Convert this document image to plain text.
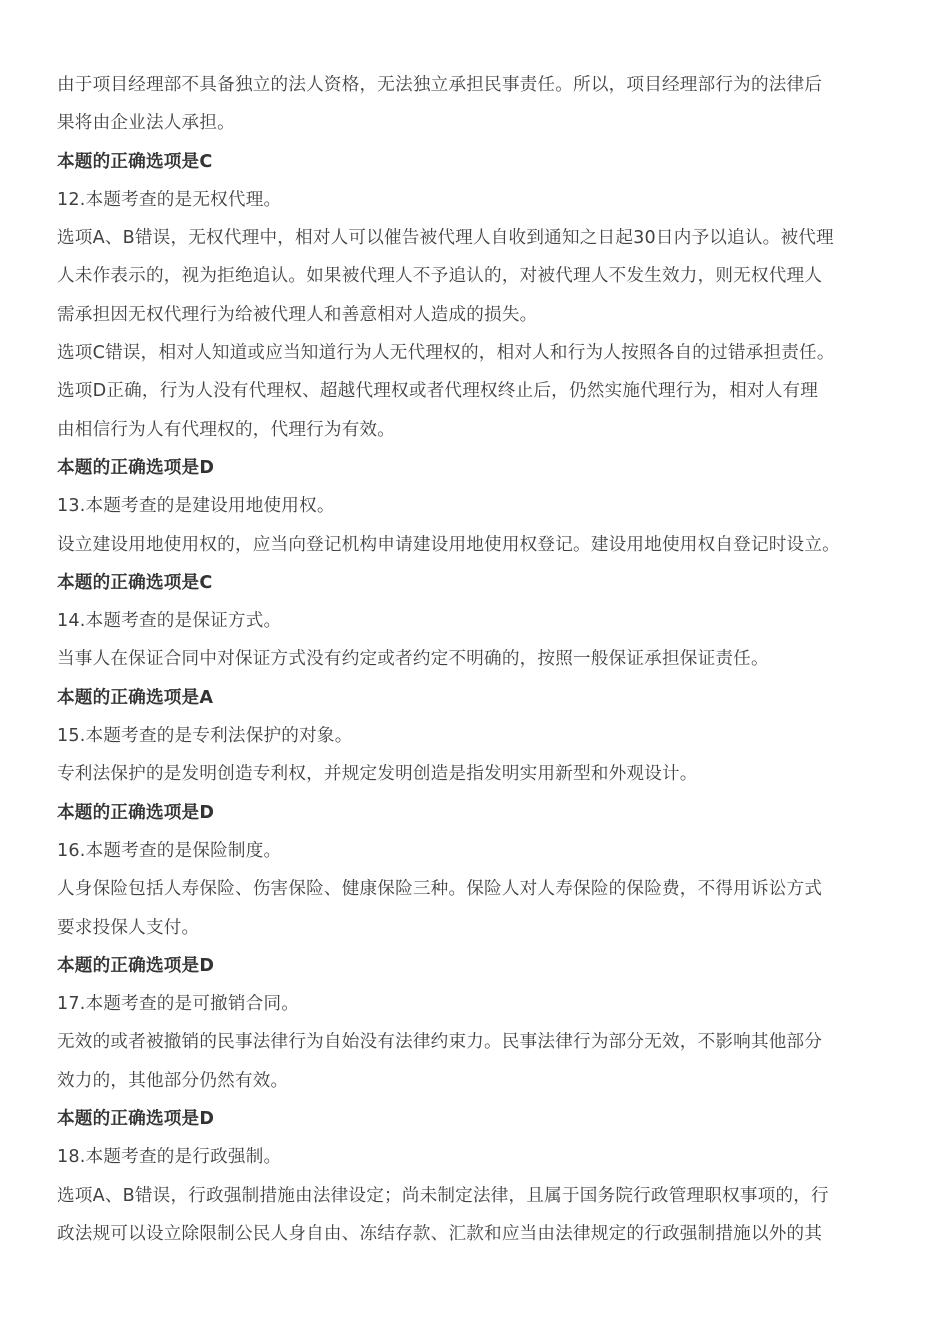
由于项目经理部不具备独立的法人资格，无法独立承担民事责任。所以，项目经理部行为的法律后
果将由企业法人承担。
本题的正确选项是C
12.本题考查的是无权代理。
选项A、B错误，无权代理中，相对人可以催告被代理人自收到通知之日起30日内予以追认。被代理
人未作表示的，视为拒绝追认。如果被代理人不予追认的，对被代理人不发生效力，则无权代理人
需承担因无权代理行为给被代理人和善意相对人造成的损失。
选项C错误，相对人知道或应当知道行为人无代理权的，相对人和行为人按照各自的过错承担责任。
选项D正确，行为人没有代理权、超越代理权或者代理权终止后，仍然实施代理行为，相对人有理
由相信行为人有代理权的，代理行为有效。
本题的正确选项是D
13.本题考查的是建设用地使用权。
设立建设用地使用权的，应当向登记机构申请建设用地使用权登记。建设用地使用权自登记时设立。
本题的正确选项是C
14.本题考查的是保证方式。
当事人在保证合同中对保证方式没有约定或者约定不明确的，按照一般保证承担保证责任。
本题的正确选项是A
15.本题考查的是专利法保护的对象。
专利法保护的是发明创造专利权，并规定发明创造是指发明实用新型和外观设计。
本题的正确选项是D
16.本题考查的是保险制度。
人身保险包括人寿保险、伤害保险、健康保险三种。保险人对人寿保险的保险费，不得用诉讼方式
要求投保人支付。
本题的正确选项是D
17.本题考查的是可撤销合同。
无效的或者被撤销的民事法律行为自始没有法律约束力。民事法律行为部分无效，不影响其他部分
效力的，其他部分仍然有效。
本题的正确选项是D
18.本题考查的是行政强制。
选项A、B错误，行政强制措施由法律设定；尚未制定法律，且属于国务院行政管理职权事项的，行
政法规可以设立除限制公民人身自由、冻结存款、汇款和应当由法律规定的行政强制措施以外的其
